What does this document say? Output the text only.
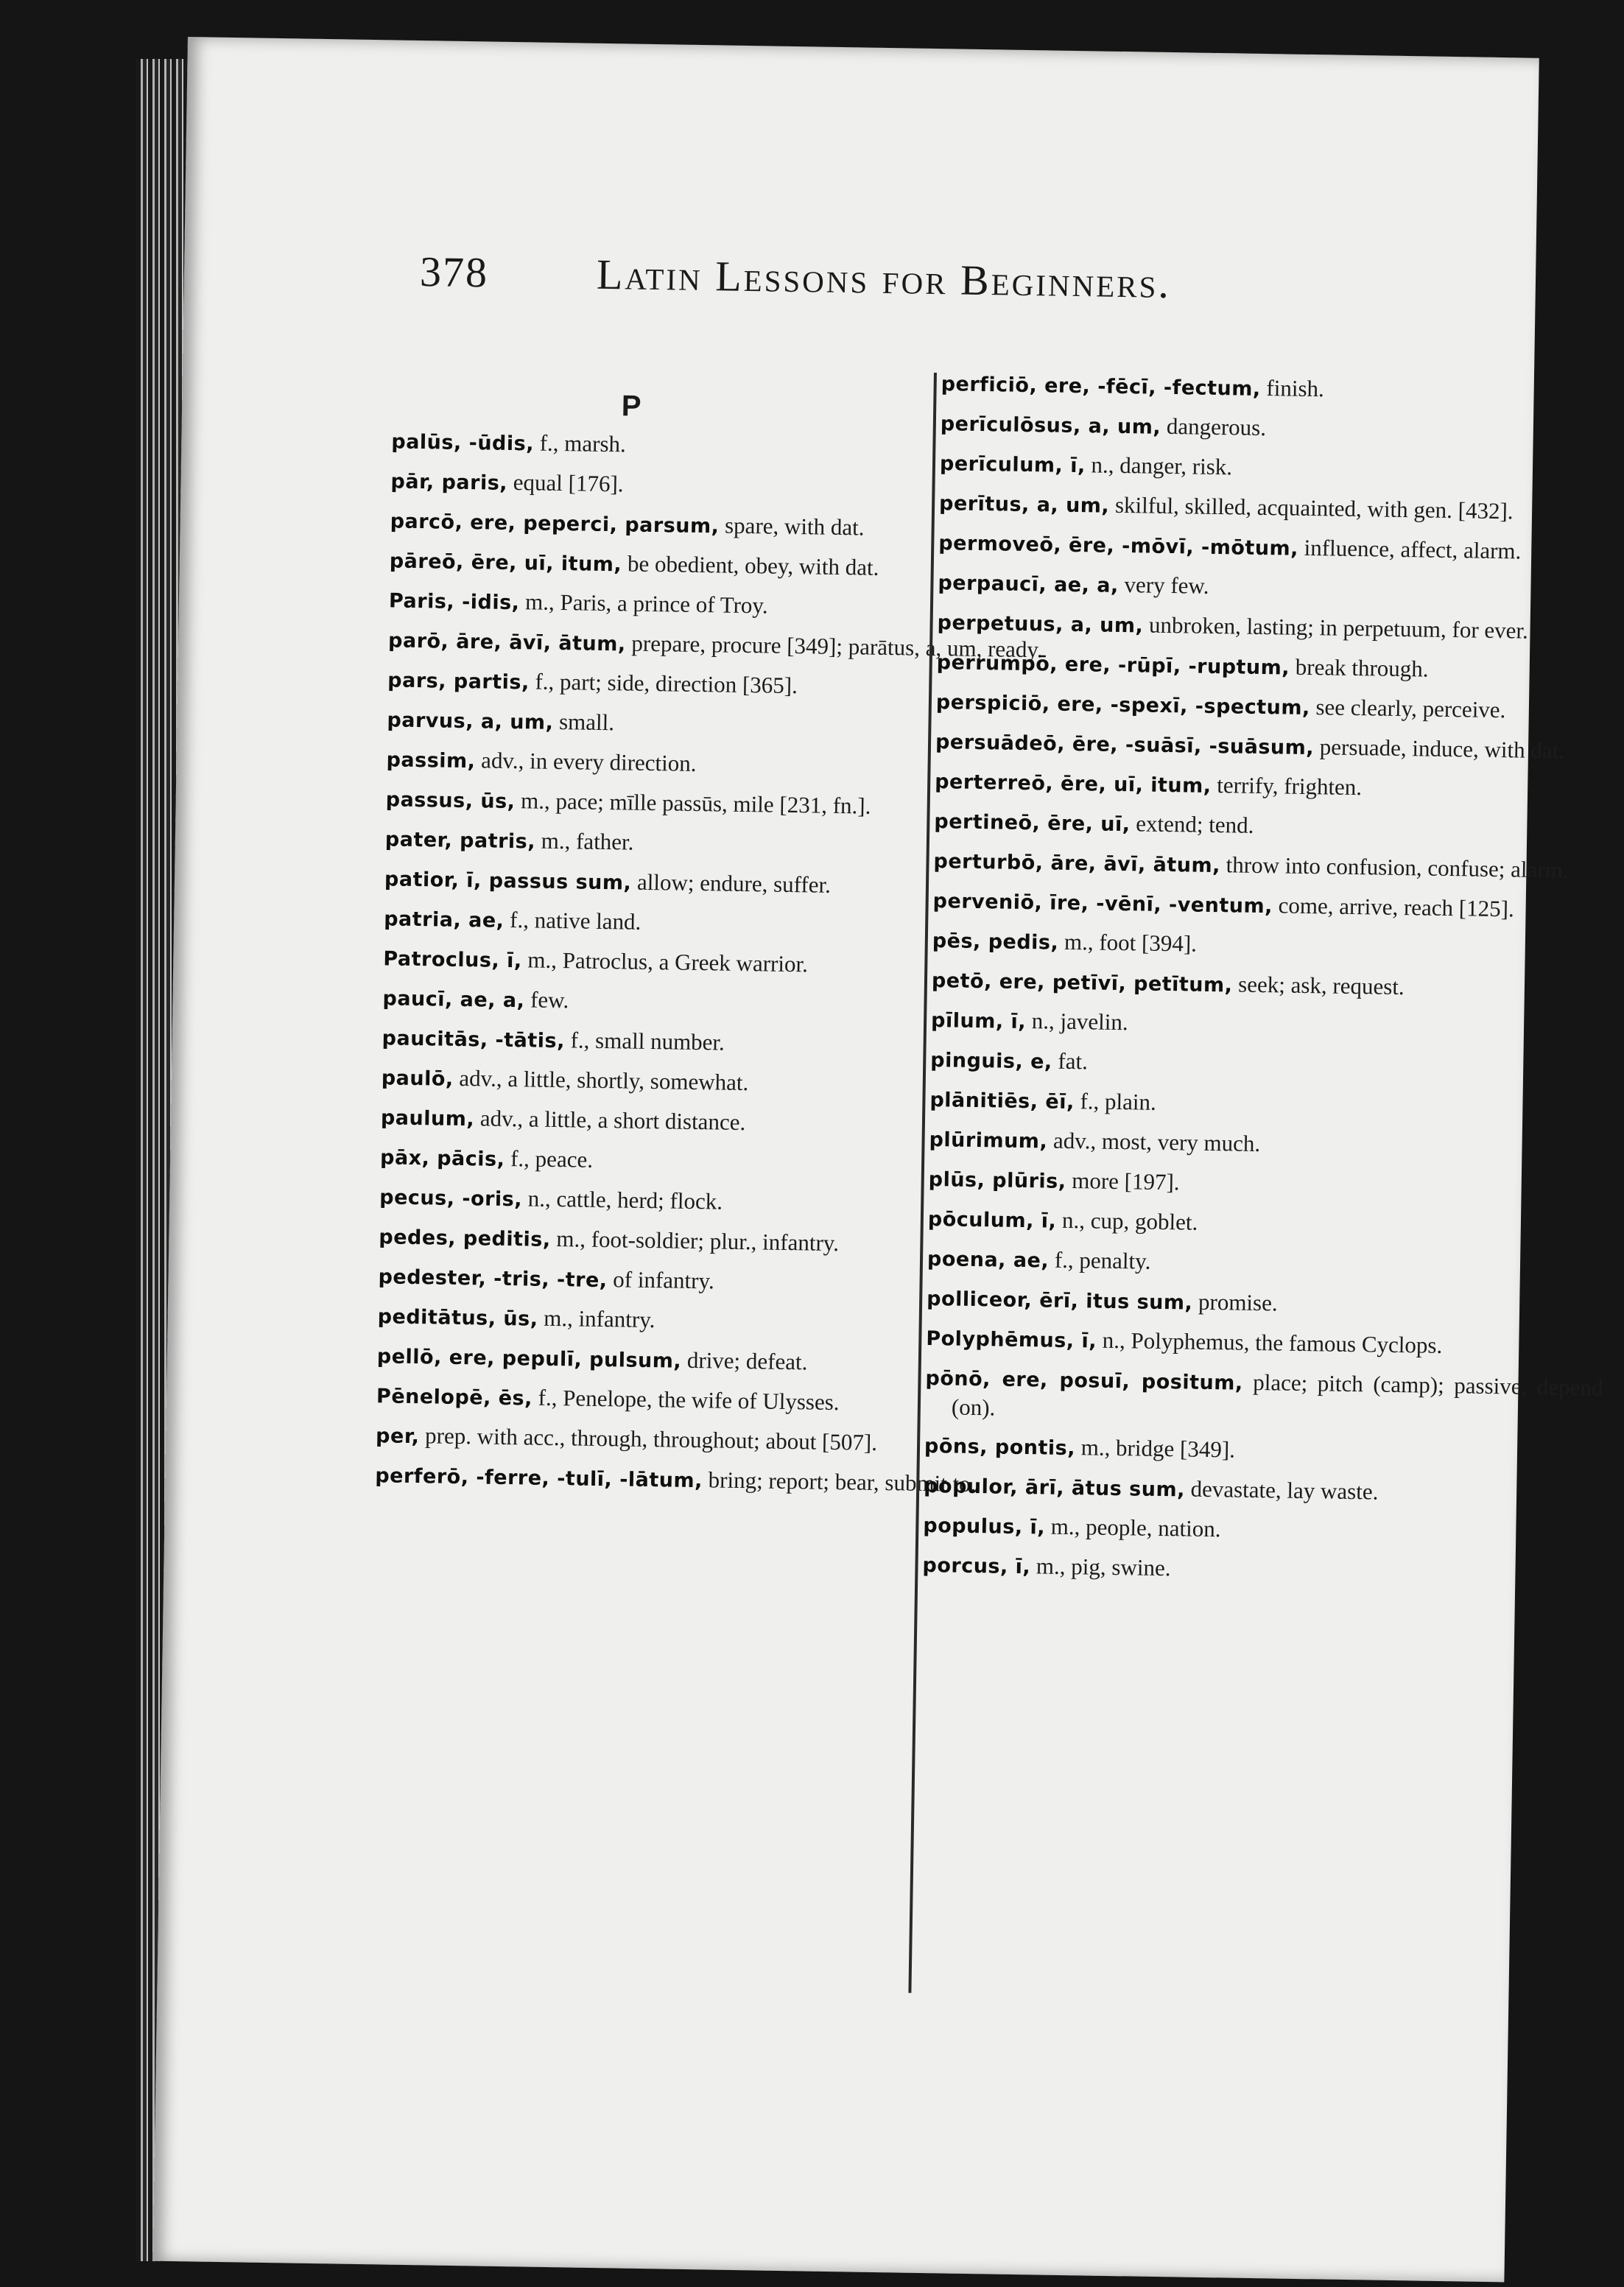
378	Latin Lessons for Beginners.
P
palūs, -ūdis, f., marsh.
pār, paris, equal [176].
parcō, ere, peperci, parsum, spare, with dat.
pāreō, ēre, uī, itum, be obedient, obey, with dat.
Paris, -idis, m., Paris, a prince of Troy.
parō, āre, āvī, ātum, prepare, procure [349]; parātus, a, um, ready.
pars, partis, f., part; side, direction [365].
parvus, a, um, small.
passim, adv., in every direction.
passus, ūs, m., pace; mīlle passūs, mile [231, fn.].
pater, patris, m., father.
patior, ī, passus sum, allow; endure, suffer.
patria, ae, f., native land.
Patroclus, ī, m., Patroclus, a Greek warrior.
paucī, ae, a, few.
paucitās, -tātis, f., small number.
paulō, adv., a little, shortly, somewhat.
paulum, adv., a little, a short distance.
pāx, pācis, f., peace.
pecus, -oris, n., cattle, herd; flock.
pedes, peditis, m., foot-soldier; plur., infantry.
pedester, -tris, -tre, of infantry.
peditātus, ūs, m., infantry.
pellō, ere, pepulī, pulsum, drive; defeat.
Pēnelopē, ēs, f., Penelope, the wife of Ulysses.
per, prep. with acc., through, throughout; about [507].
perferō, -ferre, -tulī, -lātum, bring; report; bear, submit to.
perficiō, ere, -fēcī, -fectum, finish.
perīculōsus, a, um, dangerous.
perīculum, ī, n., danger, risk.
perītus, a, um, skilful, skilled, acquainted, with gen. [432].
permoveō, ēre, -mōvī, -mōtum, influence, affect, alarm.
perpaucī, ae, a, very few.
perpetuus, a, um, unbroken, lasting; in perpetuum, for ever.
perrumpō, ere, -rūpī, -ruptum, break through.
perspiciō, ere, -spexī, -spectum, see clearly, perceive.
persuādeō, ēre, -suāsī, -suāsum, persuade, induce, with dat.
perterreō, ēre, uī, itum, terrify, frighten.
pertineō, ēre, uī, extend; tend.
perturbō, āre, āvī, ātum, throw into confusion, confuse; alarm.
perveniō, īre, -vēnī, -ventum, come, arrive, reach [125].
pēs, pedis, m., foot [394].
petō, ere, petīvī, petītum, seek; ask, request.
pīlum, ī, n., javelin.
pinguis, e, fat.
plānitiēs, ēī, f., plain.
plūrimum, adv., most, very much.
plūs, plūris, more [197].
pōculum, ī, n., cup, goblet.
poena, ae, f., penalty.
polliceor, ērī, itus sum, promise.
Polyphēmus, ī, n., Polyphemus, the famous Cyclops.
pōnō, ere, posuī, positum, place; pitch (camp); passive, depend (on).
pōns, pontis, m., bridge [349].
populor, ārī, ātus sum, devastate, lay waste.
populus, ī, m., people, nation.
porcus, ī, m., pig, swine.
